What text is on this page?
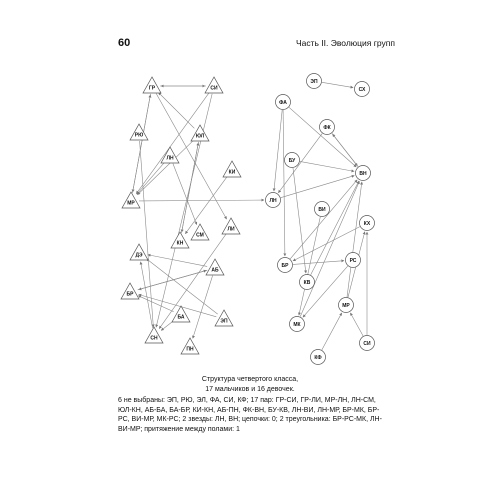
60	Часть II. Эволюция групп
ГР	СИ
РЮ	ЮЛ
ЛН
КИ
МР
ЛИ
СМ
КН
ДЭ
АБ
БР
БА
ЭП
СН
ПН
ЭП
СХ
ФА
ФК
БУ
ВН
ЛН
ВИ
КХ
БР
РС
КВ
МР
МК
КФ
СИ
Структура четвертого класса,
17 мальчиков и 16 девочек.
6 не выбраны: ЭП, РЮ, ЭЛ, ФА, СИ, КФ; 17 пар: ГР-СИ, ГР-ЛИ, МР-ЛН, ЛН-СМ, ЮЛ-КН, АБ-БА, БА-БР, КИ-КН, АБ-ПН, ФК-ВН, БУ-КВ, ЛН-ВИ, ЛН-МР, БР-МК, БР-РС, ВИ-МР, МК-РС; 2 звезды: ЛН, ВН; цепочки: 0; 2 треугольника: БР-РС-МК, ЛН-ВИ-МР; притяжение между полами: 1
